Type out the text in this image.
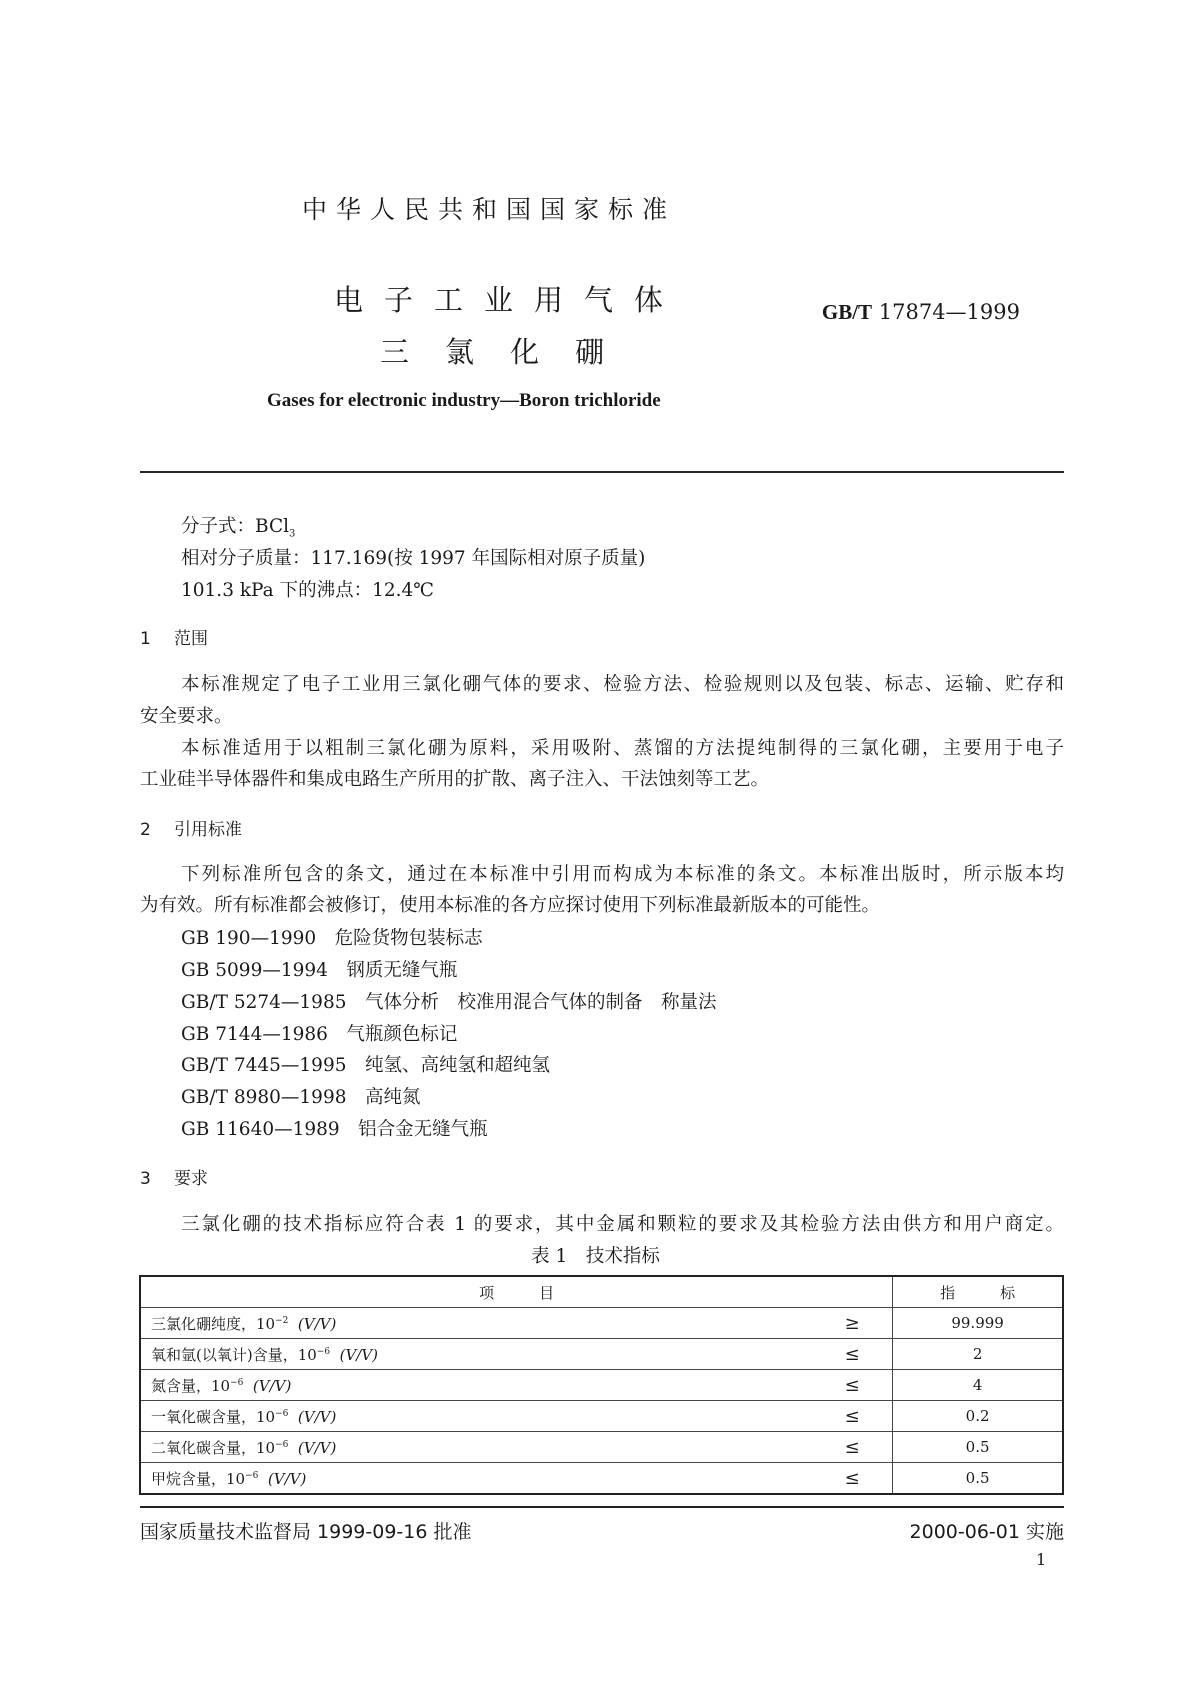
中华人民共和国国家标准
电子工业用气体
三氯化硼
GB/T 17874—1999
Gases for electronic industry—Boron trichloride
分子式：BCl$_3$
相对分子质量：117.169(按 1997 年国际相对原子质量)
101.3 kPa 下的沸点：12.4℃
1 范围
本标准规定了电子工业用三氯化硼气体的要求、检验方法、检验规则以及包装、标志、运输、贮存和
安全要求。
本标准适用于以粗制三氯化硼为原料，采用吸附、蒸馏的方法提纯制得的三氯化硼，主要用于电子
工业硅半导体器件和集成电路生产所用的扩散、离子注入、干法蚀刻等工艺。
2 引用标准
下列标准所包含的条文，通过在本标准中引用而构成为本标准的条文。本标准出版时，所示版本均
为有效。所有标准都会被修订，使用本标准的各方应探讨使用下列标准最新版本的可能性。
GB 190—1990　危险货物包装标志
GB 5099—1994　钢质无缝气瓶
GB/T 5274—1985　气体分析　校准用混合气体的制备　称量法
GB 7144—1986　气瓶颜色标记
GB/T 7445—1995　纯氢、高纯氢和超纯氢
GB/T 8980—1998　高纯氮
GB 11640—1989　铝合金无缝气瓶
3 要求
三氯化硼的技术指标应符合表 1 的要求，其中金属和颗粒的要求及其检验方法由供方和用户商定。
表 1　技术指标
项　　　目		指　　　标
三氯化硼纯度，$10^{-2}$  (V/V)	≥	99.999
氧和氩(以氧计)含量，$10^{-6}$  (V/V)	≤	2
氮含量，$10^{-6}$  (V/V)	≤	4
一氧化碳含量，$10^{-6}$  (V/V)	≤	0.2
二氧化碳含量，$10^{-6}$  (V/V)	≤	0.5
甲烷含量，$10^{-6}$  (V/V)	≤	0.5
国家质量技术监督局 1999-09-16 批准	2000-06-01 实施
1
